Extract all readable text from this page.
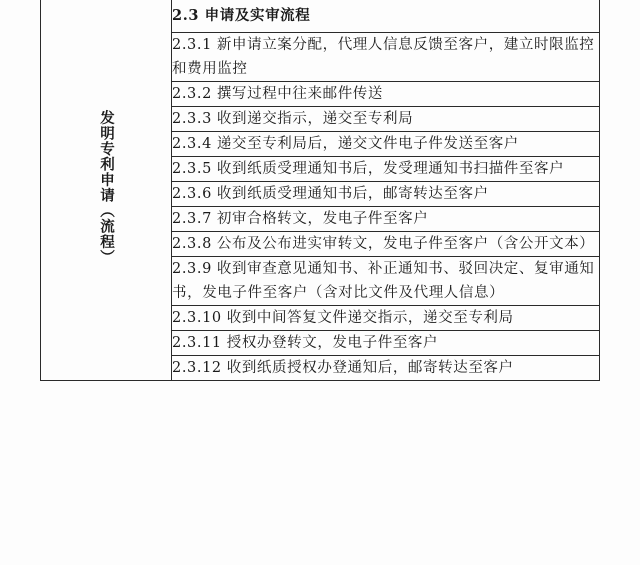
发明专利申请（流程）	2.3 申请及实审流程
2.3.1 新申请立案分配，代理人信息反馈至客户，建立时限监控和费用监控
2.3.2 撰写过程中往来邮件传送
2.3.3 收到递交指示，递交至专利局
2.3.4 递交至专利局后，递交文件电子件发送至客户
2.3.5 收到纸质受理通知书后，发受理通知书扫描件至客户
2.3.6 收到纸质受理通知书后，邮寄转达至客户
2.3.7 初审合格转文，发电子件至客户
2.3.8 公布及公布进实审转文，发电子件至客户（含公开文本）
2.3.9 收到审查意见通知书、补正通知书、驳回决定、复审通知书，发电子件至客户（含对比文件及代理人信息）
2.3.10 收到中间答复文件递交指示，递交至专利局
2.3.11 授权办登转文，发电子件至客户
2.3.12 收到纸质授权办登通知后，邮寄转达至客户
